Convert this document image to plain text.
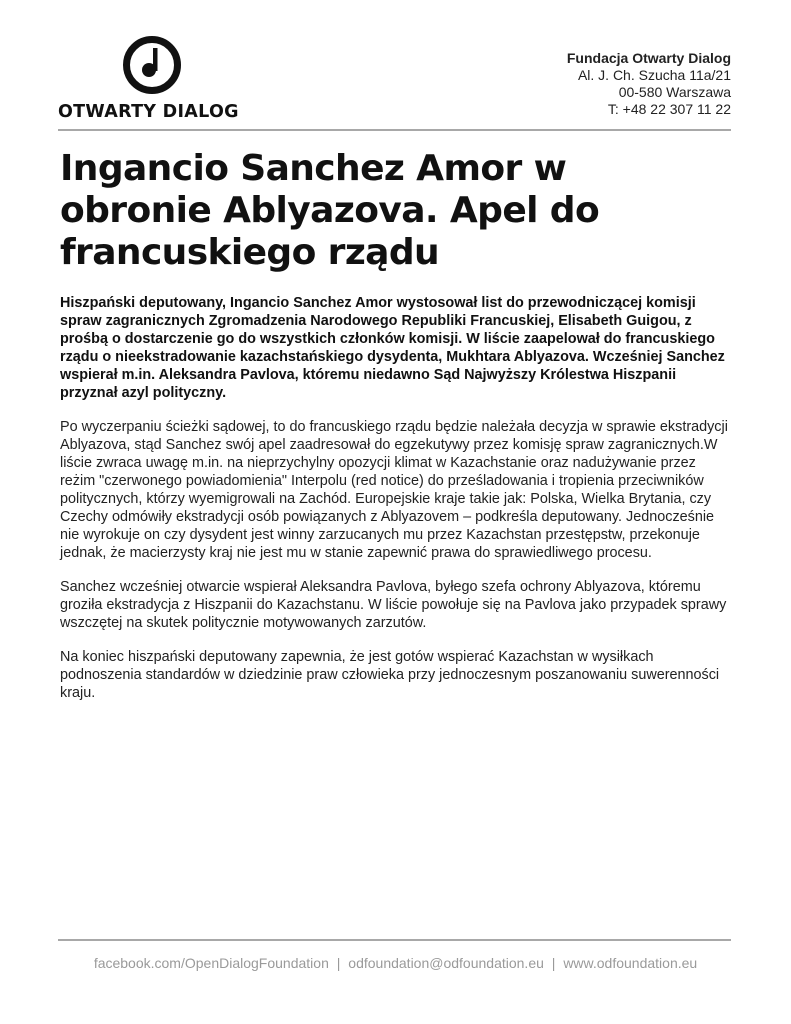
OTWARTY DIALOG
Fundacja Otwarty Dialog
Al. J. Ch. Szucha 11a/21
00-580 Warszawa
T: +48 22 307 11 22
Ingancio Sanchez Amor w obronie Ablyazova. Apel do francuskiego rządu

Hiszpański deputowany, Ingancio Sanchez Amor wystosował list do przewodniczącej komisji spraw zagranicznych Zgromadzenia Narodowego Republiki Francuskiej, Elisabeth Guigou, z prośbą o dostarczenie go do wszystkich członków komisji. W liście zaapelował do francuskiego rządu o nieekstradowanie kazachstańskiego dysydenta, Mukhtara Ablyazova. Wcześniej Sanchez wspierał m.in. Aleksandra Pavlova, któremu niedawno Sąd Najwyższy Królestwa Hiszpanii przyznał azyl polityczny.

Po wyczerpaniu ścieżki sądowej, to do francuskiego rządu będzie należała decyzja w sprawie ekstradycji Ablyazova, stąd Sanchez swój apel zaadresował do egzekutywy przez komisję spraw zagranicznych.W liście zwraca uwagę m.in. na nieprzychylny opozycji klimat w Kazachstanie oraz nadużywanie przez reżim "czerwonego powiadomienia" Interpolu (red notice) do prześladowania i tropienia przeciwników politycznych, którzy wyemigrowali na Zachód. Europejskie kraje takie jak: Polska, Wielka Brytania, czy Czechy odmówiły ekstradycji osób powiązanych z Ablyazovem – podkreśla deputowany. Jednocześnie nie wyrokuje on czy dysydent jest winny zarzucanych mu przez Kazachstan przestępstw, przekonuje jednak, że macierzysty kraj nie jest mu w stanie zapewnić prawa do sprawiedliwego procesu.

Sanchez wcześniej otwarcie wspierał Aleksandra Pavlova, byłego szefa ochrony Ablyazova, któremu groziła ekstradycja z Hiszpanii do Kazachstanu. W liście powołuje się na Pavlova jako przypadek sprawy wszczętej na skutek politycznie motywowanych zarzutów.

Na koniec hiszpański deputowany zapewnia, że jest gotów wspierać Kazachstan w wysiłkach podnoszenia standardów w dziedzinie praw człowieka przy jednoczesnym poszanowaniu suwerenności kraju.

facebook.com/OpenDialogFoundation | odfoundation@odfoundation.eu | www.odfoundation.eu
